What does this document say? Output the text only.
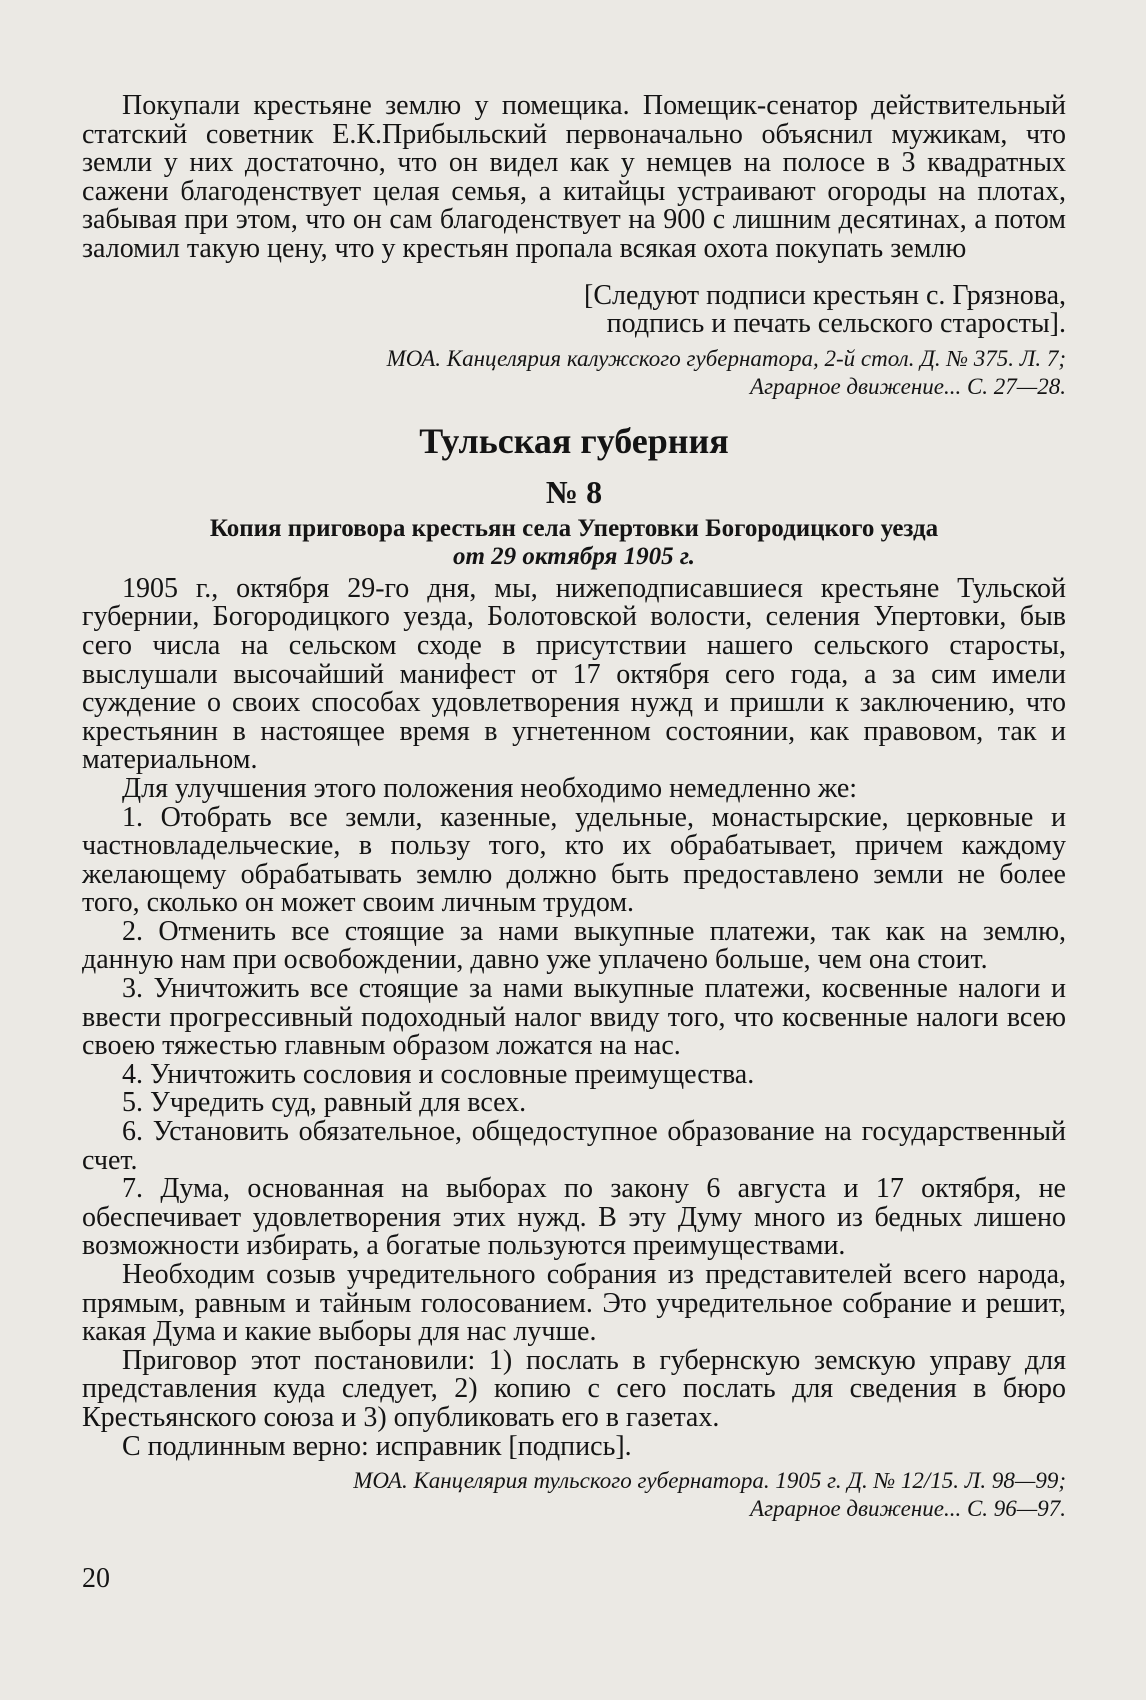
Покупали крестьяне землю у помещика. Помещик-сенатор действительный статский советник Е.К.Прибыльский первоначально объяснил мужикам, что земли у них достаточно, что он видел как у немцев на полосе в 3 квадратных сажени благоденствует целая семья, а китайцы устраивают огороды на плотах, забывая при этом, что он сам благоденствует на 900 с лишним десятинах, а потом заломил такую цену, что у крестьян пропала всякая охота покупать землю

[Следуют подписи крестьян с. Грязнова,

подпись и печать сельского старосты].

МОА. Канцелярия калужского губернатора, 2-й стол. Д. № 375. Л. 7;

Аграрное движение... С. 27—28.

Тульская губерния
№ 8
Копия приговора крестьян села Упертовки Богородицкого уезда
от 29 октября 1905 г.

1905 г., октября 29-го дня, мы, нижеподписавшиеся крестьяне Тульской губернии, Богородицкого уезда, Болотовской волости, селения Упертовки, быв сего числа на сельском сходе в присутствии нашего сельского старосты, выслушали высочайший манифест от 17 октября сего года, а за сим имели суждение о своих способах удовлетворения нужд и пришли к заключению, что крестьянин в настоящее время в угнетенном состоянии, как правовом, так и материальном.

Для улучшения этого положения необходимо немедленно же:

1. Отобрать все земли, казенные, удельные, монастырские, церковные и частновладельческие, в пользу того, кто их обрабатывает, причем каждому желающему обрабатывать землю должно быть предоставлено земли не более того, сколько он может своим личным трудом.

2. Отменить все стоящие за нами выкупные платежи, так как на землю, данную нам при освобождении, давно уже уплачено больше, чем она стоит.

3. Уничтожить все стоящие за нами выкупные платежи, косвенные налоги и ввести прогрессивный подоходный налог ввиду того, что косвенные налоги всею своею тяжестью главным образом ложатся на нас.

4. Уничтожить сословия и сословные преимущества.

5. Учредить суд, равный для всех.

6. Установить обязательное, общедоступное образование на государственный счет.

7. Дума, основанная на выборах по закону 6 августа и 17 октября, не обеспечивает удовлетворения этих нужд. В эту Думу много из бедных лишено возможности избирать, а богатые пользуются преимуществами.

Необходим созыв учредительного собрания из представителей всего народа, прямым, равным и тайным голосованием. Это учредительное собрание и решит, какая Дума и какие выборы для нас лучше.

Приговор этот постановили: 1) послать в губернскую земскую управу для представления куда следует, 2) копию с сего послать для сведения в бюро Крестьянского союза и 3) опубликовать его в газетах.

С подлинным верно: исправник [подпись].

МОА. Канцелярия тульского губернатора. 1905 г. Д. № 12/15. Л. 98—99;

Аграрное движение... С. 96—97.

20
